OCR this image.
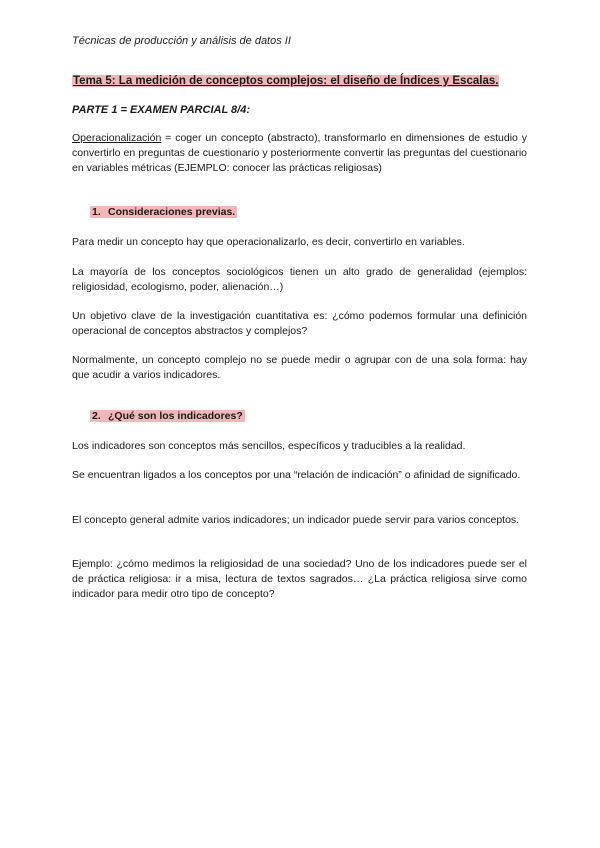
Técnicas de producción y análisis de datos II
Tema 5: La medición de conceptos complejos: el diseño de Índices y Escalas.
PARTE 1 = EXAMEN PARCIAL 8/4:
Operacionalización = coger un concepto (abstracto), transformarlo en dimensiones de estudio y convertirlo en preguntas de cuestionario y posteriormente convertir las preguntas del cuestionario en variables métricas (EJEMPLO: conocer las prácticas religiosas)
1. Consideraciones previas.
Para medir un concepto hay que operacionalizarlo, es decir, convertirlo en variables.
La mayoría de los conceptos sociológicos tienen un alto grado de generalidad (ejemplos: religiosidad, ecologismo, poder, alienación…)
Un objetivo clave de la investigación cuantitativa es: ¿cómo podemos formular una definición operacional de conceptos abstractos y complejos?
Normalmente, un concepto complejo no se puede medir o agrupar con de una sola forma: hay que acudir a varios indicadores.
2. ¿Qué son los indicadores?
Los indicadores son conceptos más sencillos, específicos y traducibles a la realidad.
Se encuentran ligados a los conceptos por una “relación de indicación” o afinidad de significado.
El concepto general admite varios indicadores; un indicador puede servir para varios conceptos.
Ejemplo: ¿cómo medimos la religiosidad de una sociedad? Uno de los indicadores puede ser el de práctica religiosa: ir a misa, lectura de textos sagrados… ¿La práctica religiosa sirve como indicador para medir otro tipo de concepto?
